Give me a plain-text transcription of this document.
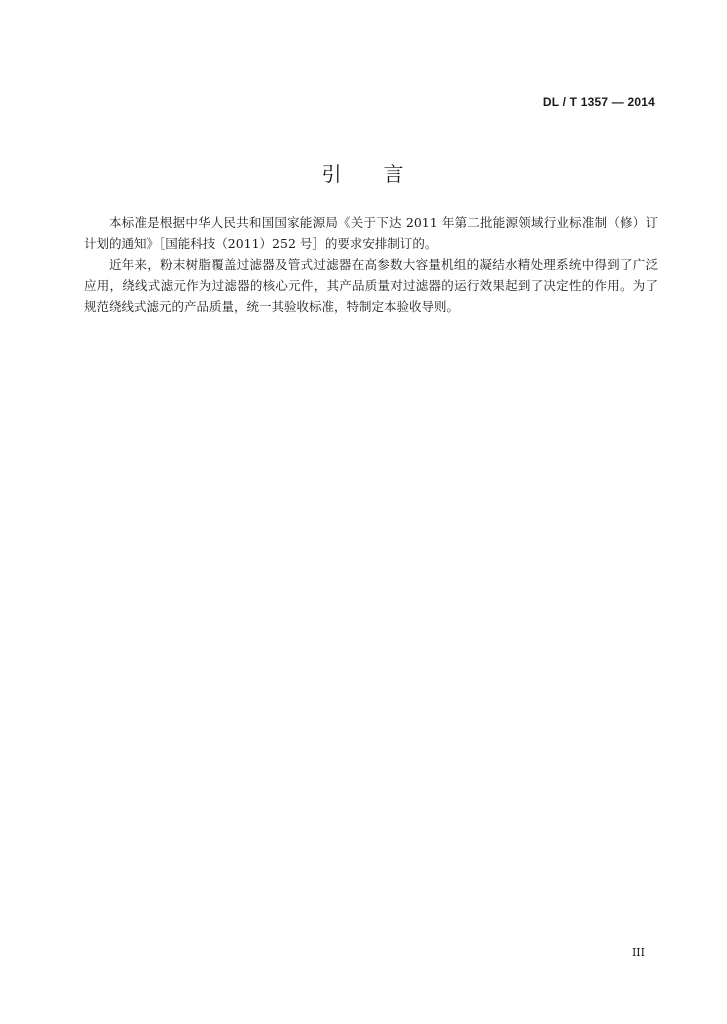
DL / T 1357 — 2014
引 言

本标准是根据中华人民共和国国家能源局《关于下达 2011 年第二批能源领域行业标准制（修）订计划的通知》［国能科技（2011）252 号］的要求安排制订的。

近年来，粉末树脂覆盖过滤器及管式过滤器在高参数大容量机组的凝结水精处理系统中得到了广泛应用，绕线式滤元作为过滤器的核心元件，其产品质量对过滤器的运行效果起到了决定性的作用。为了规范绕线式滤元的产品质量，统一其验收标准，特制定本验收导则。

III
